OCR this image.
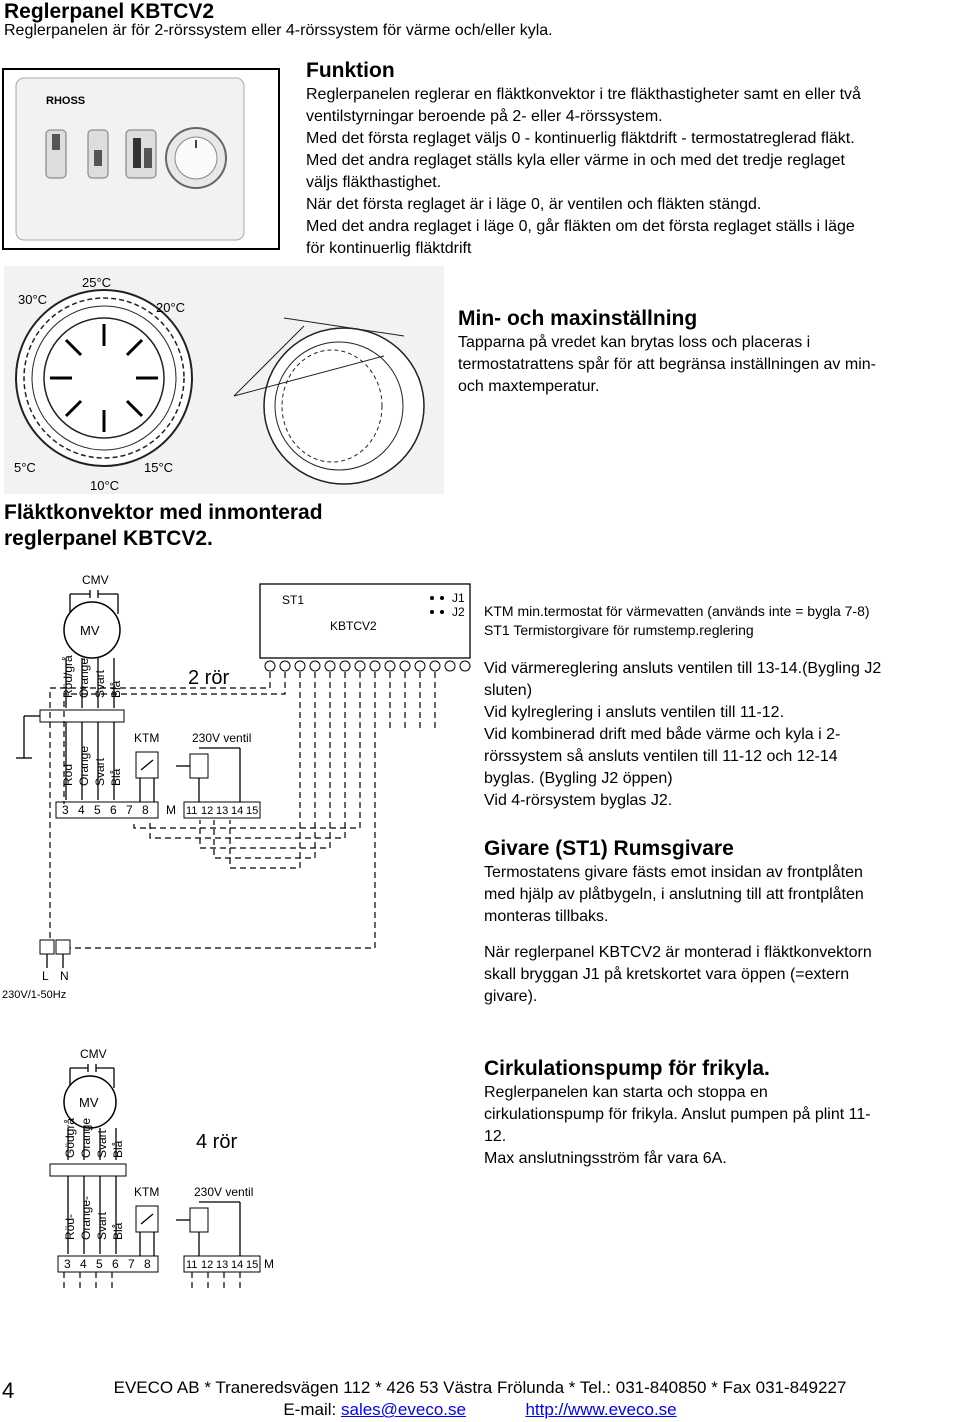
Reglerpanel KBTCV2
Reglerpanelen är för 2-rörssystem eller 4-rörssystem för värme och/eller kyla.
RHOSS
Funktion

Reglerpanelen reglerar en fläktkonvektor i tre fläkthastigheter samt en eller två

ventilstyrningar beroende på 2- eller 4-rörssystem.

Med det första reglaget väljs 0 - kontinuerlig fläktdrift - termostatreglerad fläkt.

Med det andra reglaget ställs kyla eller värme in och med det tredje reglaget

väljs fläkthastighet.

När det första reglaget är i läge 0, är ventilen och fläkten stängd.

Med det andra reglaget i läge 0, går fläkten om det första reglaget ställs i läge

för kontinuerlig fläktdrift

30°C
25°C
20°C
5°C
10°C
15°C
Min- och maxinställning

Tapparna på vredet kan brytas loss och placeras i

termostatrattens spår för att begränsa inställningen av min-

och maxtemperatur.

Fläktkonvektor med inmonterad
reglerpanel KBTCV2.
CMV
MV
Röd/grå Orange Svart Blå
Röd Orange Svart Blå
KTM
2 rör
230V ventil
3 4 5 6 7 8 M 11 12 13 14 15
ST1
KBTCV2
J1
J2
L N
230V/1-50Hz

KTM min.termostat för värmevatten (används inte = bygla 7-8)

ST1 Termistorgivare för rumstemp.reglering

Vid värmereglering ansluts ventilen till 13-14.(Bygling J2

sluten)

Vid kylreglering i ansluts ventilen till 11-12.

Vid kombinerad drift med både värme och kyla i 2-

rörssystem så ansluts ventilen till 11-12 och 12-14

byglas. (Bygling J2 öppen)

Vid 4-rörsystem byglas J2.

Givare (ST1) Rumsgivare

Termostatens givare fästs emot insidan av frontplåten

med hjälp av plåtbygeln, i anslutning till att frontplåten

monteras tillbaks.

När reglerpanel KBTCV2 är monterad i fläktkonvektorn

skall bryggan J1 på kretskortet vara öppen (=extern

givare).

CMV
MV
Gödgrå Orange Svart Blå
Röd- Orange- Svart Blå
KTM
4 rör
230V ventil
3 4 5 6 7 8	11 12 13 14 15 M
Cirkulationspump för frikyla.

Reglerpanelen kan starta och stoppa en

cirkulationspump för frikyla. Anslut pumpen på plint 11-

12.

Max anslutningsström får vara 6A.

4	EVECO AB * Traneredsvägen 112 * 426 53 Västra Frölunda * Tel.: 031-840850 * Fax 031-849227
E-mail: sales@eveco.se	http://www.eveco.se
